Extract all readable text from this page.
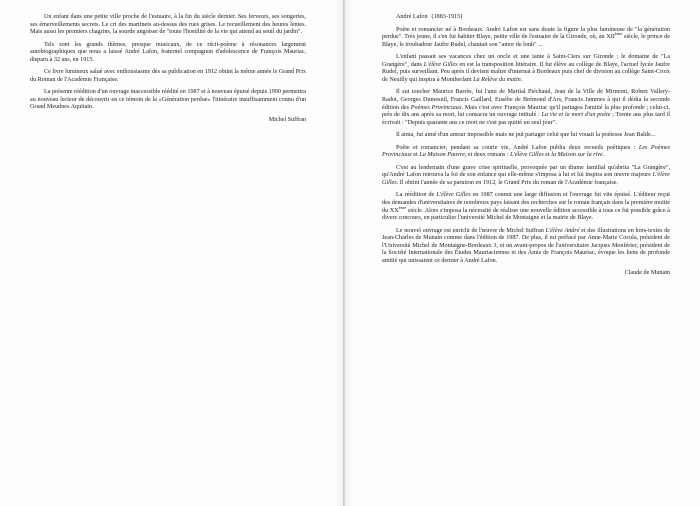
Un enfant dans une petite ville proche de l'estuaire, à la fin du siècle dernier. Ses ferveurs, ses songeries, ses émerveillements secrets. Le cri des martinets au-dessus des rues grises. Le recueillement des heures lentes. Mais aussi les premiers chagrins, la sourde angoisse de "toute l'hostilité de la vie qui attend au seuil du jardin".

Tels sont les grands thèmes, presque musicaux, de ce récit-poème à résonances largement autobiographiques que nous a laissé André Lafon, fraternel compagnon d'adolescence de François Mauriac, disparu à 32 ans, en 1915.

Ce livre lumineux salué avec enthousiasme dès sa publication en 1912 obtint la même année le Grand Prix du Roman de l'Académie Française.

La présente réédition d'un ouvrage inaccessible réédité en 1987 et à nouveau épuisé depuis 1990 permettra au nouveau lecteur de découvrir en ce témoin de la «Génération perdue» l'itinéraire insuffisamment connu d'un Grand Meudnes Aquitain.

Michel Suffran

André Lafon (1883-1915)

Poète et romancier né à Bordeaux. André Lafon est sans doute la figure la plus lumineuse de "la génération perdue". Très jeune, il s'en fut habiter Blaye, petite ville de l'estuaire de la Gironde, où, au XIIème siècle, le prince de Blaye, le troubadour Jaufre Rudel, chantait son "amor de lonh" ...

L'enfant passait ses vacances chez un oncle et une tante à Saint-Ciers sur Gironde ; le domaine de "La Grangère", dans L'élève Gilles en est la transposition littéraire. Il fut élève au collège de Blaye, l'actuel lycée Jaufre Rudel, puis surveillant. Peu après il devient maître d'internat à Bordeaux puis chef de division au collège Saint-Croix de Neuilly qui inspira à Montherlant La Relève du matin.

Il sut toucher Maurice Barrès, fut l'ami de Martial Piéchaud, Jean de la Ville de Mirmont, Robert Vallery-Radot, Georges Dumesnil, Francis Gaillard, Eusèbe de Brémond d'Ars, Francis Jammes à qui il dédia la seconde édition des Poèmes Provinciaux. Mais c'est avec François Mauriac qu'il partagea l'amitié la plus profonde ; celui-ci, près de dix ans après sa mort, lui consacra un ouvrage intitulé : La vie et la mort d'un poète ; Trente ans plus tard il écrivait : "Depuis quarante ans ce mort ne s'est pas quitté un seul jour".

Il aima, fut aimé d'un amour impossible mais ne put partager celui que lui vouait la poétesse Jean Balde...

Poète et romancier, pendant sa courte vie, André Lafon publia deux recueils poétiques : Les Poèmes Provinciaux et La Maison Pauvre, et deux romans : L'élève Gilles et la Maison sur la rive.

C'est au lendemain d'une grave crise spirituelle, provoquée par un drame familial qu'abrita "La Grangère", qu'André Lafon retrouva la foi de son enfance qui elle-même s'imposa à lui et lui inspira son œuvre majeure L'élève Gilles. Il obtint l'année de sa parution en 1912, le Grand Prix du roman de l'Académie française.

La réédition de L'élève Gilles en 1987 connut une large diffusion et l'ouvrage fut vite épuisé. L'éditeur reçut des demandes d'universitaires de nombreux pays faisant des recherches sur le roman français dans la première moitié du XXème siècle. Alors s'imposa la nécessité de réaliser une nouvelle édition accessible à tous ce fut possible grâce à divers concours, en particulier l'université Michel de Montaigne et la mairie de Blaye.

Le nouvel ouvrage est enrichi de l'œuvre de Michel Suffran L'élève André et des illustrations en hors-textes de Jean-Charles de Munain comme dans l'édition de 1987. De plus, il est préfacé par Anne-Marie Cocula, président de l'Université Michel de Montaigne-Bordeaux 3, et un avant-propos de l'universitaire Jacques Monférier, président de la Société Internationale des Études Mauriaciennes et des Amis de François Mauriac, évoque les liens de profonde amitié qui unissaient ce dernier à André Lafon.

Claude de Munain
